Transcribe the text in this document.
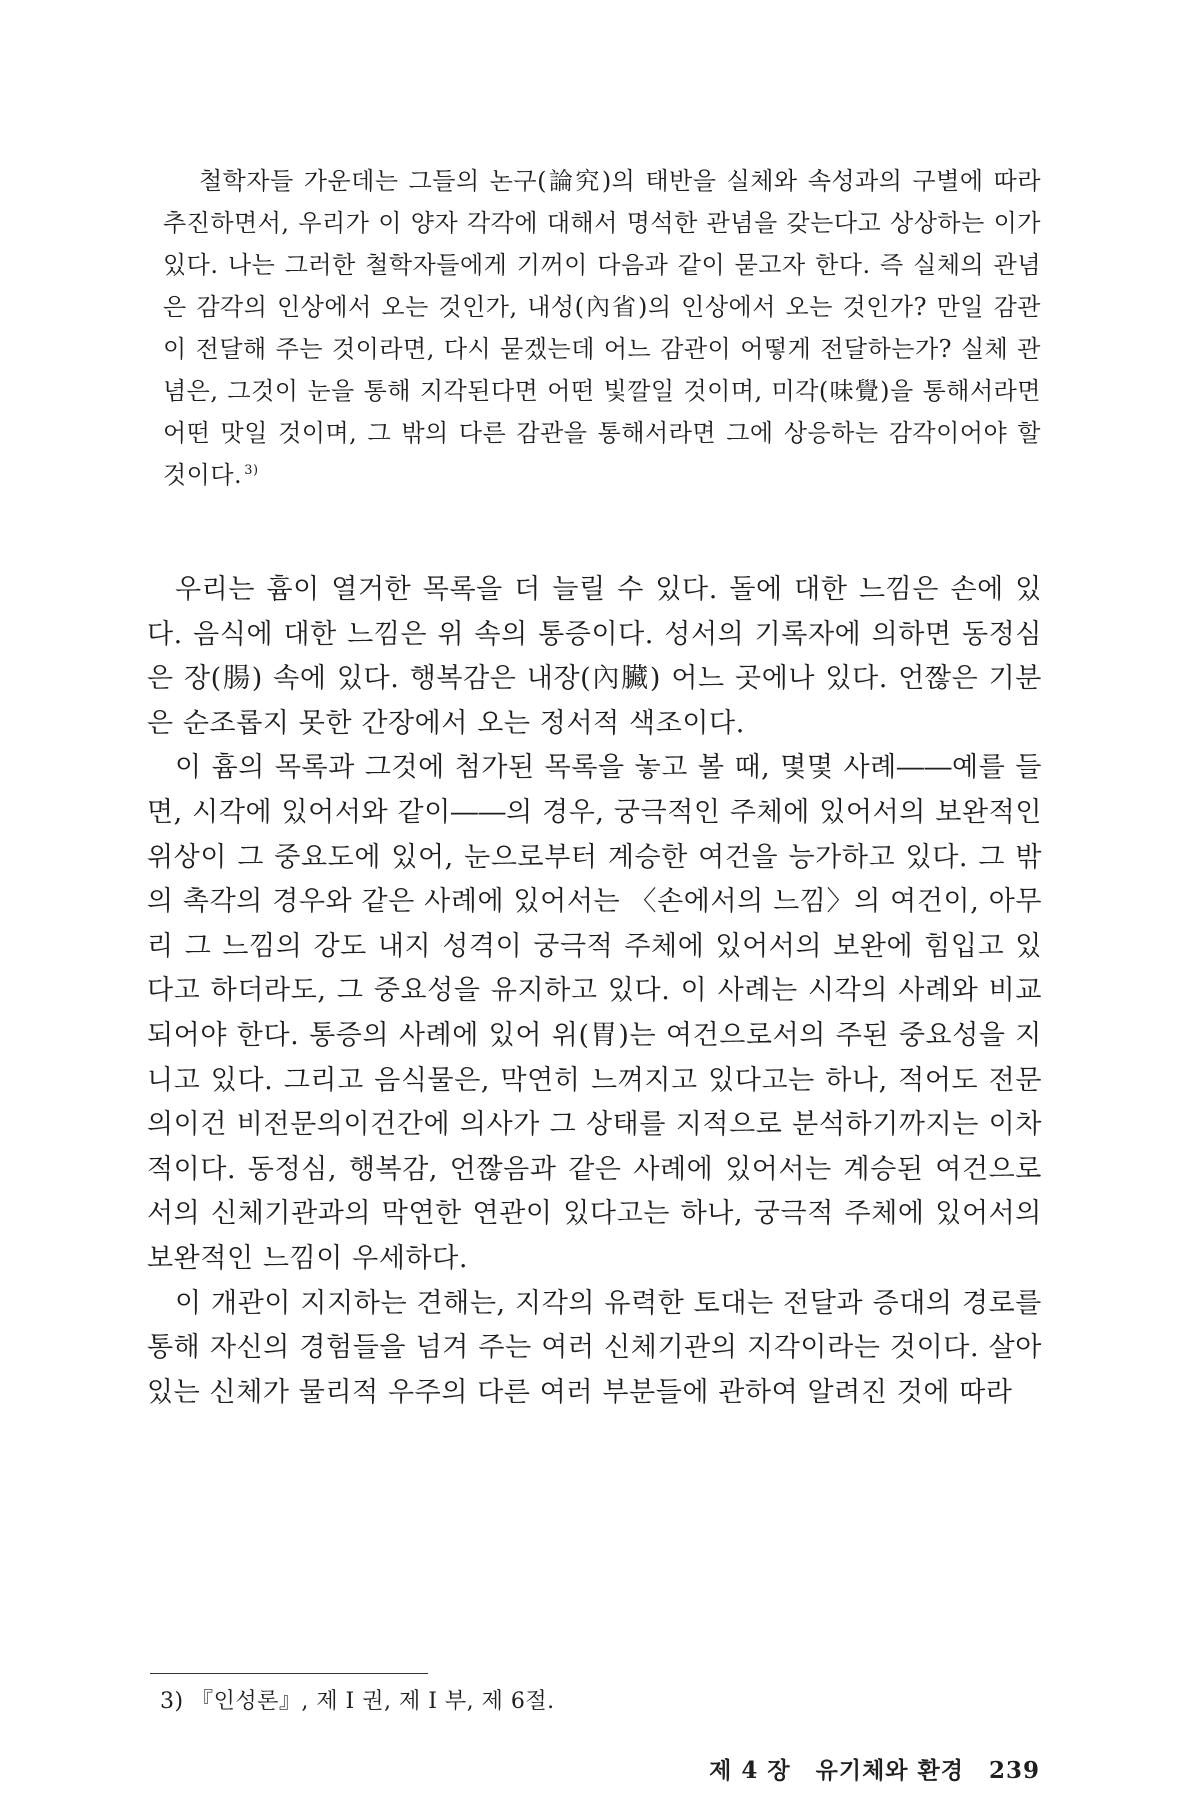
철학자들 가운데는 그들의 논구(論究)의 태반을 실체와 속성과의 구별에 따라 추진하면서, 우리가 이 양자 각각에 대해서 명석한 관념을 갖는다고 상상하는 이가 있다. 나는 그러한 철학자들에게 기꺼이 다음과 같이 묻고자 한다. 즉 실체의 관념은 감각의 인상에서 오는 것인가, 내성(內省)의 인상에서 오는 것인가? 만일 감관이 전달해 주는 것이라면, 다시 묻겠는데 어느 감관이 어떻게 전달하는가? 실체 관념은, 그것이 눈을 통해 지각된다면 어떤 빛깔일 것이며, 미각(味覺)을 통해서라면 어떤 맛일 것이며, 그 밖의 다른 감관을 통해서라면 그에 상응하는 감각이어야 할 것이다. $^{3)}$

우리는 흄이 열거한 목록을 더 늘릴 수 있다. 돌에 대한 느낌은 손에 있다. 음식에 대한 느낌은 위 속의 통증이다. 성서의 기록자에 의하면 동정심은 장(腸) 속에 있다. 행복감은 내장(內臟) 어느 곳에나 있다. 언짢은 기분은 순조롭지 못한 간장에서 오는 정서적 색조이다.

이 흄의 목록과 그것에 첨가된 목록을 놓고 볼 때, 몇몇 사례――예를 들면, 시각에 있어서와 같이――의 경우, 궁극적인 주체에 있어서의 보완적인 위상이 그 중요도에 있어, 눈으로부터 계승한 여건을 능가하고 있다. 그 밖의 촉각의 경우와 같은 사례에 있어서는 〈손에서의 느낌〉의 여건이, 아무리 그 느낌의 강도 내지 성격이 궁극적 주체에 있어서의 보완에 힘입고 있다고 하더라도, 그 중요성을 유지하고 있다. 이 사례는 시각의 사례와 비교되어야 한다. 통증의 사례에 있어 위(胃)는 여건으로서의 주된 중요성을 지니고 있다. 그리고 음식물은, 막연히 느껴지고 있다고는 하나, 적어도 전문의이건 비전문의이건간에 의사가 그 상태를 지적으로 분석하기까지는 이차적이다. 동정심, 행복감, 언짢음과 같은 사례에 있어서는 계승된 여건으로서의 신체기관과의 막연한 연관이 있다고는 하나, 궁극적 주체에 있어서의 보완적인 느낌이 우세하다.

이 개관이 지지하는 견해는, 지각의 유력한 토대는 전달과 증대의 경로를 통해 자신의 경험들을 넘겨 주는 여러 신체기관의 지각이라는 것이다. 살아 있는 신체가 물리적 우주의 다른 여러 부분들에 관하여 알려진 것에 따라

3) 『인성론』, 제 I 권, 제 I 부, 제 6절.
제 4 장 유기체와 환경 239
